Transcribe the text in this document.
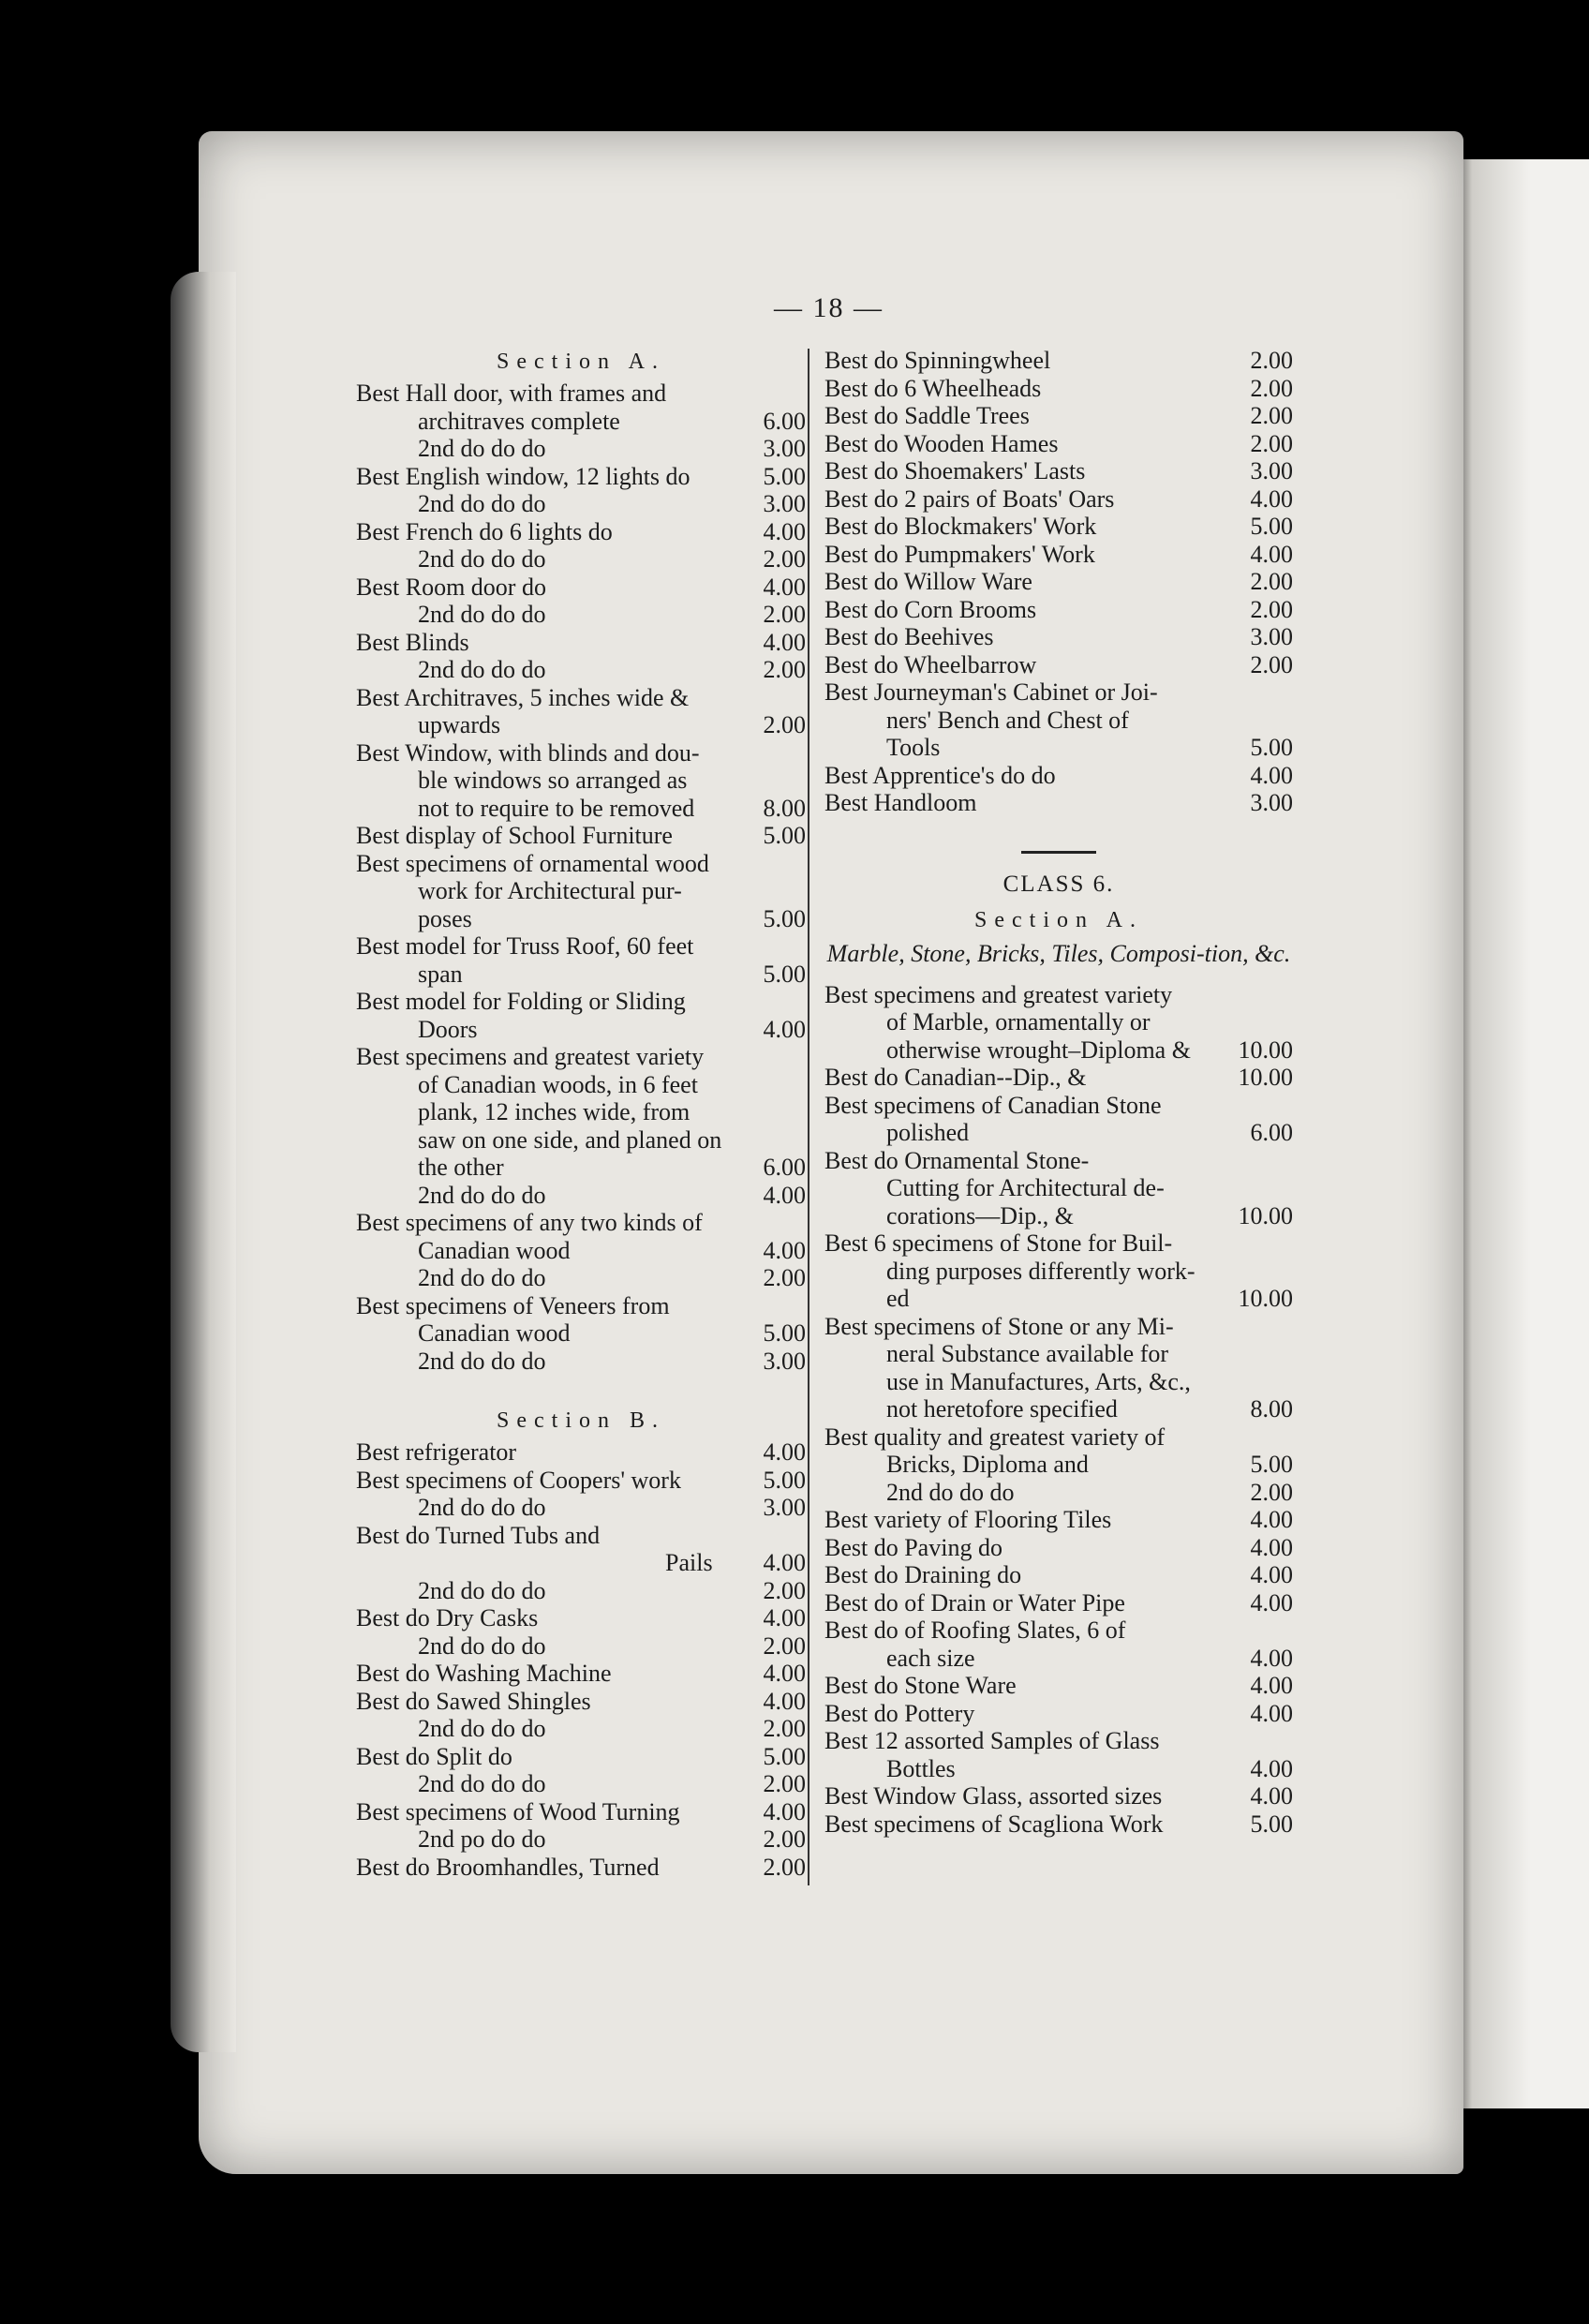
— 18 —
Section A.
Best Hall door, with frames and
architraves complete	6.00
2nd do do do	3.00
Best English window, 12 lights do	5.00
2nd do do do	3.00
Best French do 6 lights do	4.00
2nd do do do	2.00
Best Room door do	4.00
2nd do do do	2.00
Best Blinds	4.00
2nd do do do	2.00
Best Architraves, 5 inches wide &
upwards	2.00
Best Window, with blinds and dou-
ble windows so arranged as
not to require to be removed	8.00
Best display of School Furniture	5.00
Best specimens of ornamental wood
work for Architectural pur-
poses	5.00
Best model for Truss Roof, 60 feet
span	5.00
Best model for Folding or Sliding
Doors	4.00
Best specimens and greatest variety
of Canadian woods, in 6 feet
plank, 12 inches wide, from
saw on one side, and planed on
the other	6.00
2nd do do do	4.00
Best specimens of any two kinds of
Canadian wood	4.00
2nd do do do	2.00
Best specimens of Veneers from
Canadian wood	5.00
2nd do do do	3.00
Section B.
Best refrigerator	4.00
Best specimens of Coopers' work	5.00
2nd do do do	3.00
Best do Turned Tubs and
Pails 4.00
2nd do do do	2.00
Best do Dry Casks	4.00
2nd do do do	2.00
Best do Washing Machine	4.00
Best do Sawed Shingles	4.00
2nd do do do	2.00
Best do Split do	5.00
2nd do do do	2.00
Best specimens of Wood Turning	4.00
2nd po do do	2.00
Best do Broomhandles, Turned	2.00
Best do Spinningwheel	2.00
Best do 6 Wheelheads	2.00
Best do Saddle Trees	2.00
Best do Wooden Hames	2.00
Best do Shoemakers' Lasts	3.00
Best do 2 pairs of Boats' Oars	4.00
Best do Blockmakers' Work	5.00
Best do Pumpmakers' Work	4.00
Best do Willow Ware	2.00
Best do Corn Brooms	2.00
Best do Beehives	3.00
Best do Wheelbarrow	2.00
Best Journeyman's Cabinet or Joi-
ners' Bench and Chest of
Tools	5.00
Best Apprentice's do do	4.00
Best Handloom	3.00
CLASS 6.
Section A.
Marble, Stone, Bricks, Tiles, Composi-tion, &c.
Best specimens and greatest variety
of Marble, ornamentally or
otherwise wrought–Diploma & 10.00
Best do Canadian--Dip., &	10.00
Best specimens of Canadian Stone
polished	6.00
Best do Ornamental Stone-
Cutting for Architectural de-
corations—Dip., &	10.00
Best 6 specimens of Stone for Buil-
ding purposes differently work-
ed	10.00
Best specimens of Stone or any Mi-
neral Substance available for
use in Manufactures, Arts, &c.,
not heretofore specified	8.00
Best quality and greatest variety of
Bricks, Diploma and	5.00
2nd do do do	2.00
Best variety of Flooring Tiles	4.00
Best do Paving do	4.00
Best do Draining do	4.00
Best do of Drain or Water Pipe	4.00
Best do of Roofing Slates, 6 of
each size	4.00
Best do Stone Ware	4.00
Best do Pottery	4.00
Best 12 assorted Samples of Glass
Bottles	4.00
Best Window Glass, assorted sizes	4.00
Best specimens of Scagliona Work	5.00
